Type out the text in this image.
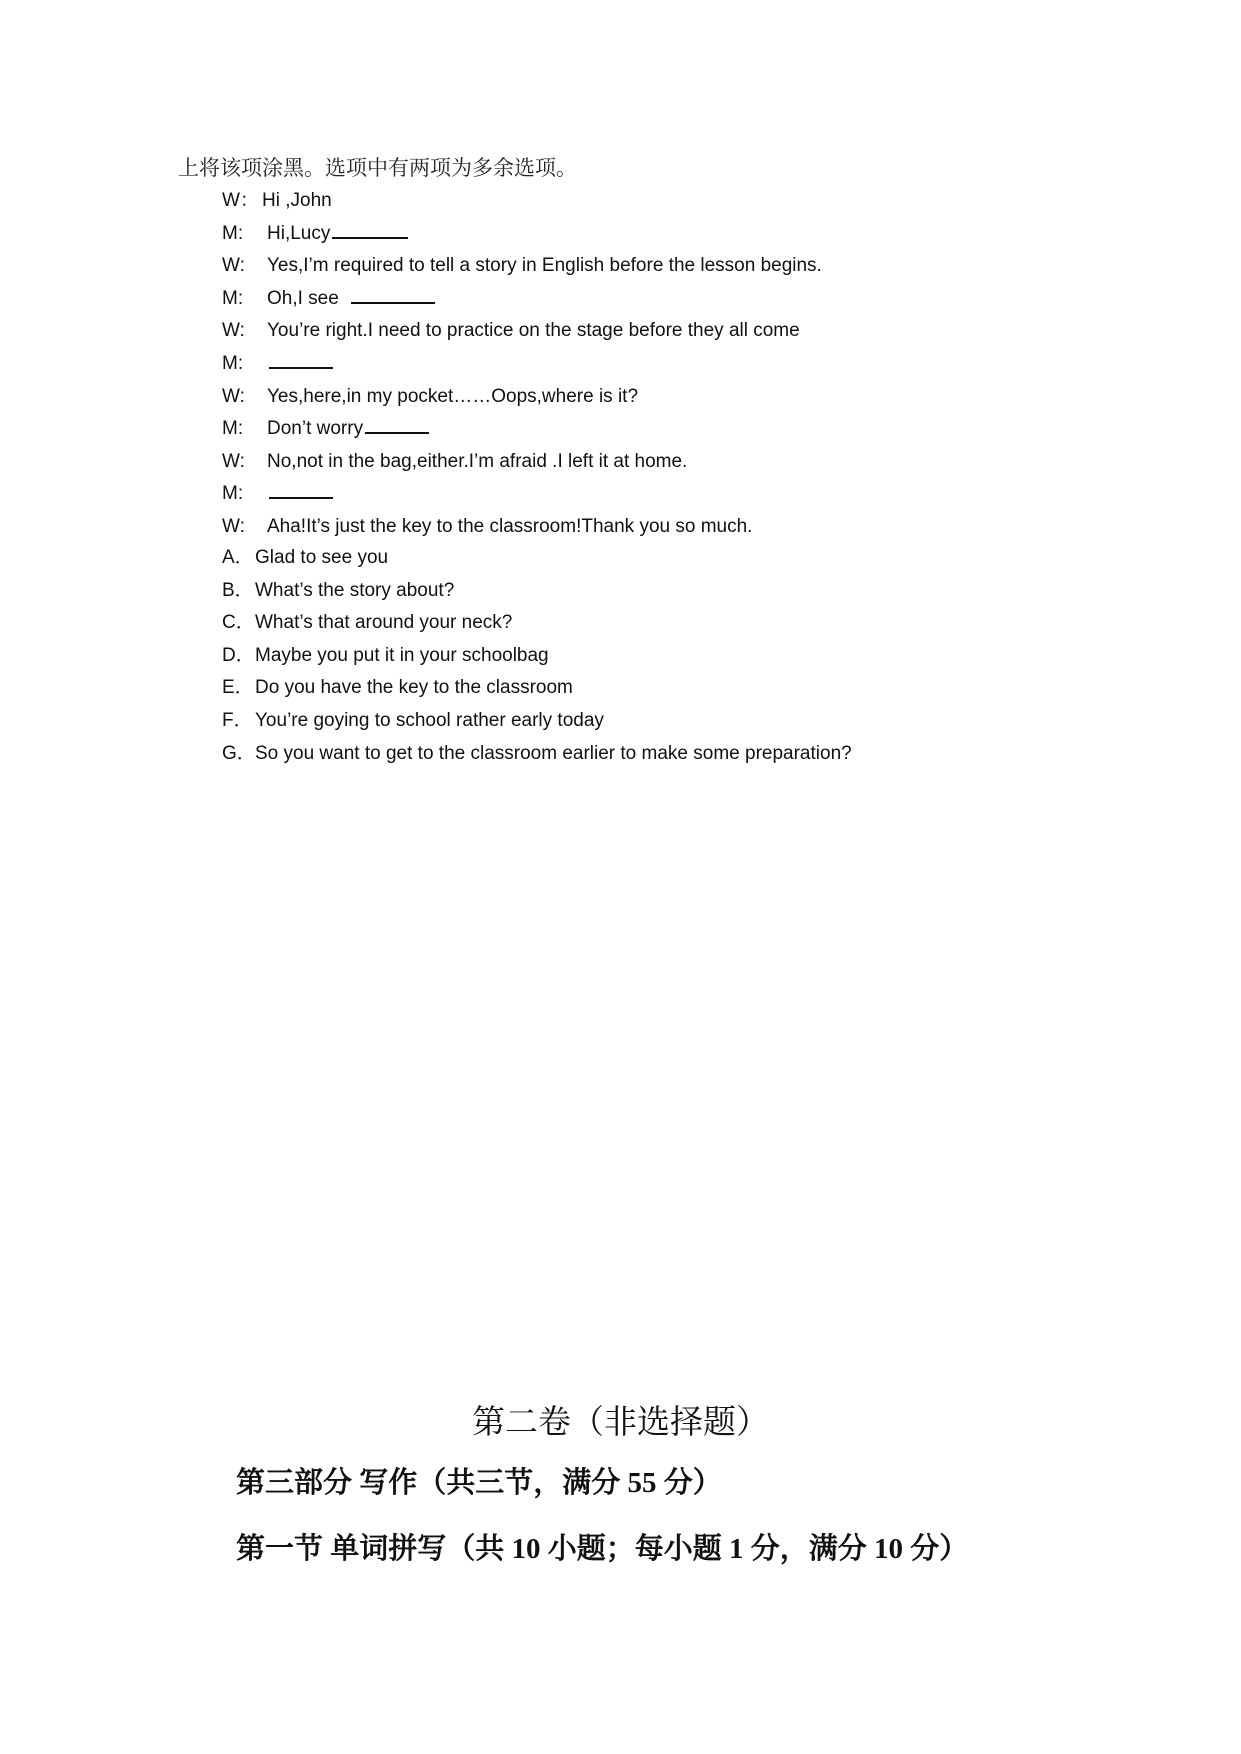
上将该项涂黑。选项中有两项为多余选项。
W： Hi ,John
M: Hi,Lucy
W: Yes,I’m required to tell a story in English before the lesson begins.
M: Oh,I see
W: You’re right.I need to practice on the stage before they all come
M:
W: Yes,here,in my pocket……Oops,where is it?
M: Don’t worry
W: No,not in the bag,either.I’m afraid .I left it at home.
M:
W: Aha!It’s just the key to the classroom!Thank you so much.
A．Glad to see you
B．What’s the story about?
C．What’s that around your neck?
D．Maybe you put it in your schoolbag
E．Do you have the key to the classroom
F． You’re goying to school rather early today
G．So you want to get to the classroom earlier to make some preparation?
第二卷（非选择题）
第三部分 写作（共三节，满分 55 分）
第一节 单词拼写（共 10 小题；每小题 1 分，满分 10 分）
